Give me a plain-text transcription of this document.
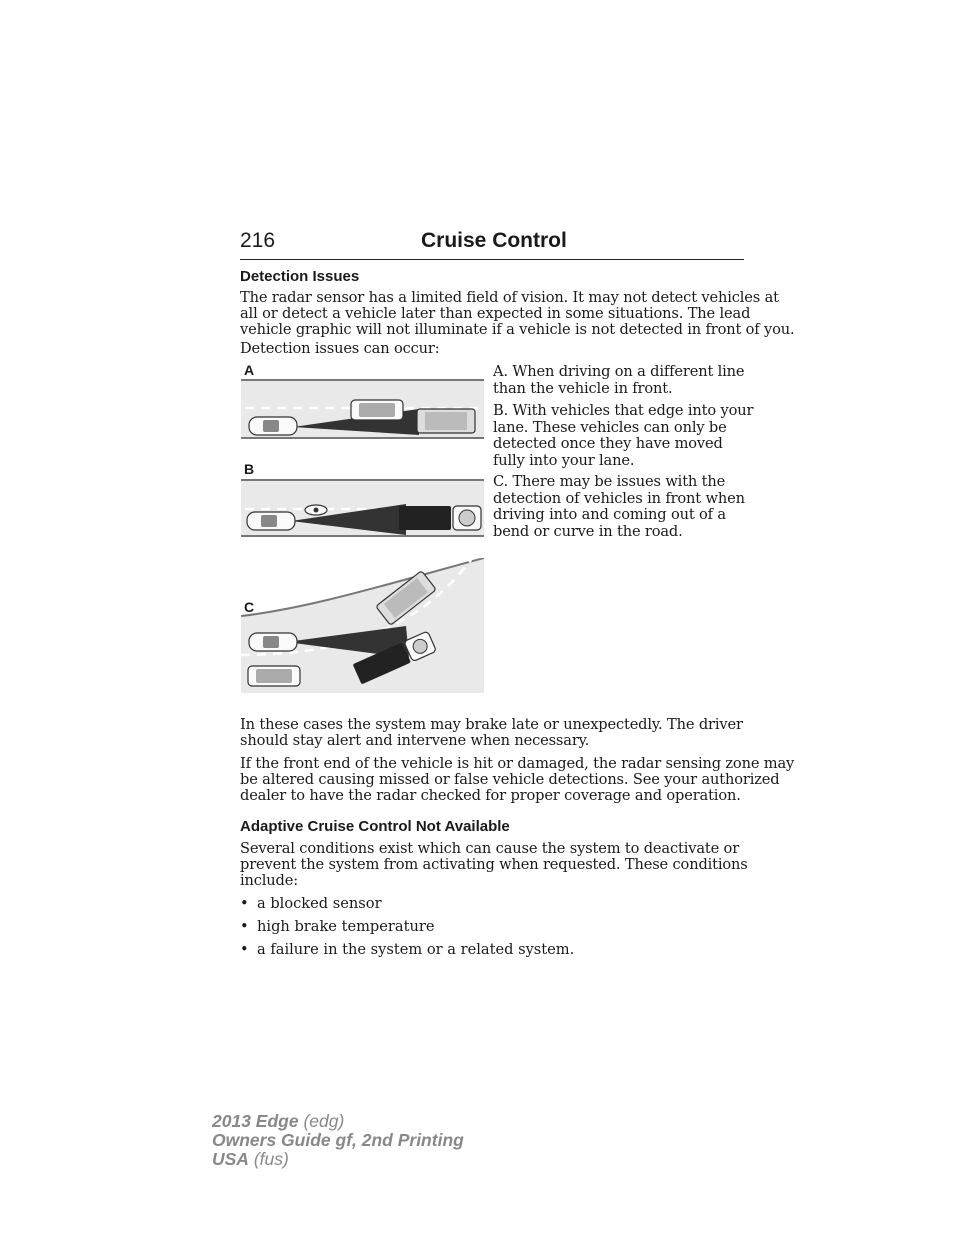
216	Cruise Control
Detection Issues
The radar sensor has a limited field of vision. It may not detect vehicles at
all or detect a vehicle later than expected in some situations. The lead
vehicle graphic will not illuminate if a vehicle is not detected in front of you.
Detection issues can occur:
A
B
C
A. When driving on a different line
than the vehicle in front.
B. With vehicles that edge into your
lane. These vehicles can only be
detected once they have moved
fully into your lane.
C. There may be issues with the
detection of vehicles in front when
driving into and coming out of a
bend or curve in the road.
In these cases the system may brake late or unexpectedly. The driver
should stay alert and intervene when necessary.
If the front end of the vehicle is hit or damaged, the radar sensing zone may
be altered causing missed or false vehicle detections. See your authorized
dealer to have the radar checked for proper coverage and operation.
Adaptive Cruise Control Not Available
Several conditions exist which can cause the system to deactivate or
prevent the system from activating when requested. These conditions
include:
• a blocked sensor
• high brake temperature
• a failure in the system or a related system.
2013 Edge (edg)
Owners Guide gf, 2nd Printing
USA (fus)
